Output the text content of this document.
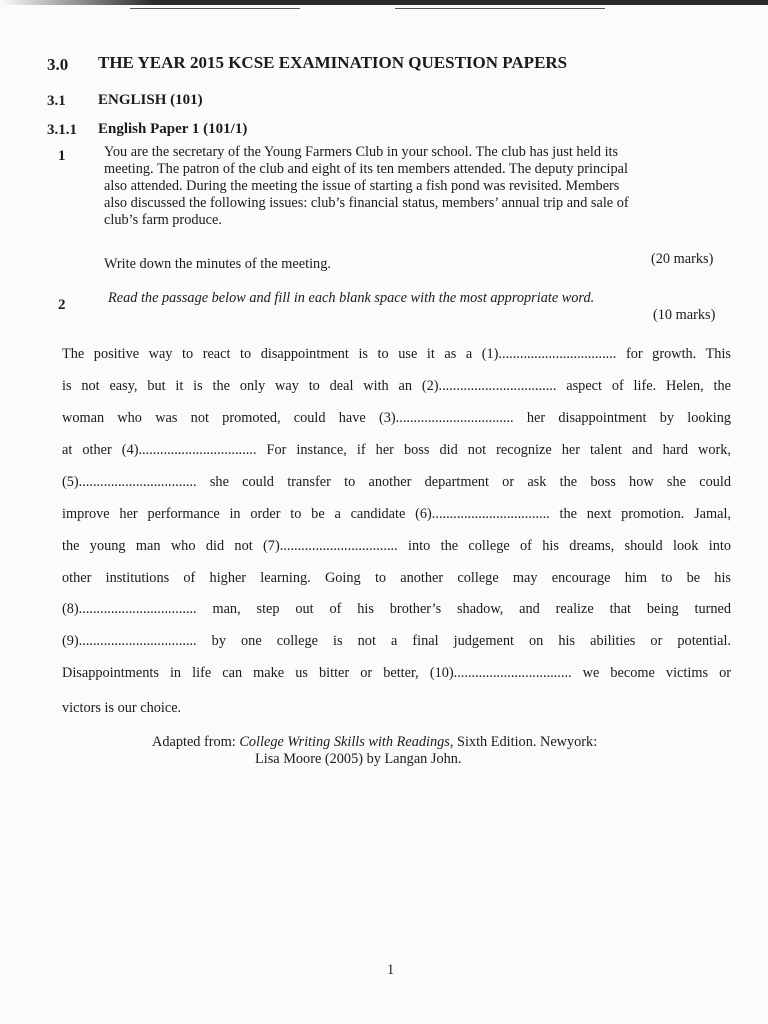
3.0 THE YEAR 2015 KCSE EXAMINATION QUESTION PAPERS
3.1 ENGLISH (101)
3.1.1 English Paper 1 (101/1)
1	You are the secretary of the Young Farmers Club in your school. The club has just held its
meeting. The patron of the club and eight of its ten members attended. The deputy principal
also attended. During the meeting the issue of starting a fish pond was revisited. Members
also discussed the following issues: club’s financial status, members’ annual trip and sale of
club’s farm produce.
Write down the minutes of the meeting.	(20 marks)
2	Read the passage below and fill in each blank space with the most appropriate word.
(10 marks)
The positive way to react to disappointment is to use it as a (1)................................. for growth. This
is not easy, but it is the only way to deal with an (2)................................. aspect of life. Helen, the
woman who was not promoted, could have (3)................................. her disappointment by looking
at other (4)................................. For instance, if her boss did not recognize her talent and hard work,
(5)................................. she could transfer to another department or ask the boss how she could
improve her performance in order to be a candidate (6)................................. the next promotion. Jamal,
the young man who did not (7)................................. into the college of his dreams, should look into
other institutions of higher learning. Going to another college may encourage him to be his
(8)................................. man, step out of his brother’s shadow, and realize that being turned
(9)................................. by one college is not a final judgement on his abilities or potential.
Disappointments in life can make us bitter or better, (10)................................. we become victims or
victors is our choice.
Adapted from: College Writing Skills with Readings, Sixth Edition. Newyork:
Lisa Moore (2005) by Langan John.
1
